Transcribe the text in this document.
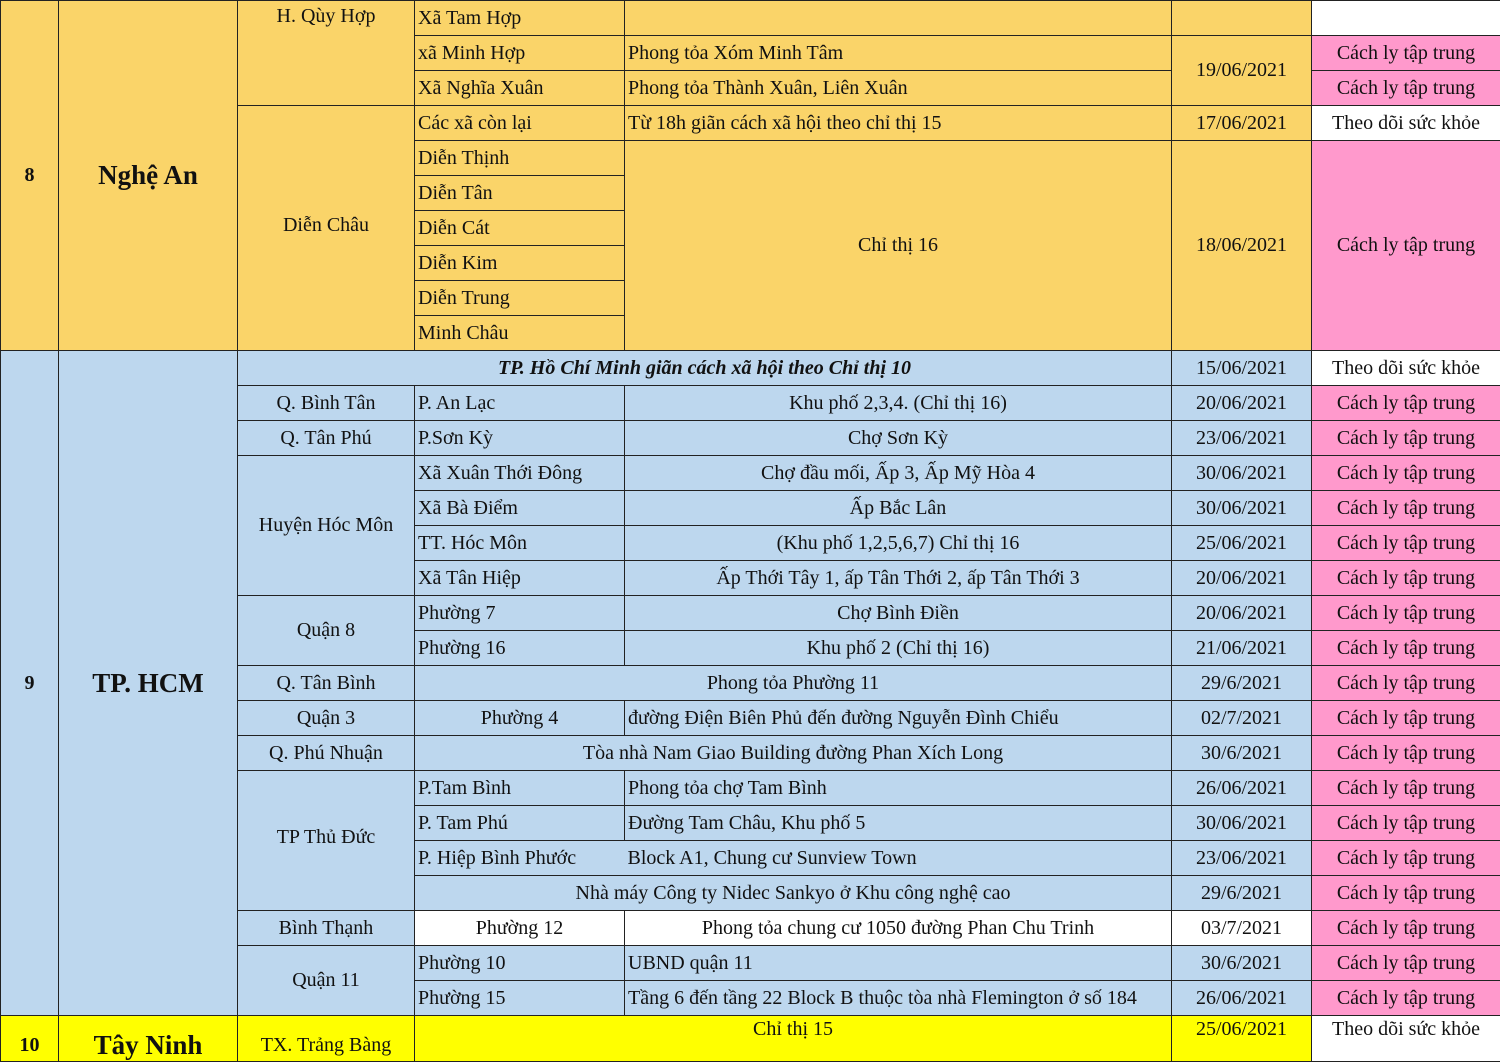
8	Nghệ An	H. Qùy Hợp	Xã Tam Hợp			
			xã Minh Hợp	Phong tỏa Xóm Minh Tâm	19/06/2021	Cách ly tập trung
			Xã Nghĩa Xuân	Phong tỏa Thành Xuân, Liên Xuân		Cách ly tập trung
		Diễn Châu	Các xã còn lại	Từ 18h giãn cách xã hội theo chỉ thị 15	17/06/2021	Theo dõi sức khỏe
			Diễn Thịnh	Chỉ thị 16	18/06/2021	Cách ly tập trung
			Diễn Tân			
			Diễn Cát			
			Diễn Kim			
			Diễn Trung			
			Minh Châu			
9	TP. HCM	TP. Hồ Chí Minh giãn cách xã hội theo Chỉ thị 10			15/06/2021	Theo dõi sức khỏe
		Q. Bình Tân	P. An Lạc	Khu phố 2,3,4. (Chỉ thị 16)	20/06/2021	Cách ly tập trung
		Q. Tân Phú	P.Sơn Kỳ	Chợ Sơn Kỳ	23/06/2021	Cách ly tập trung
		Huyện Hóc Môn	Xã Xuân Thới Đông	Chợ đầu mối, Ấp 3, Ấp Mỹ Hòa 4	30/06/2021	Cách ly tập trung
			Xã Bà Điểm	Ấp Bắc Lân	30/06/2021	Cách ly tập trung
			TT. Hóc Môn	(Khu phố 1,2,5,6,7) Chỉ thị 16	25/06/2021	Cách ly tập trung
			Xã Tân Hiệp	Ấp Thới Tây 1, ấp Tân Thới 2, ấp Tân Thới 3	20/06/2021	Cách ly tập trung
		Quận 8	Phường 7	Chợ Bình Điền	20/06/2021	Cách ly tập trung
			Phường 16	Khu phố 2 (Chỉ thị 16)	21/06/2021	Cách ly tập trung
		Q. Tân Bình	Phong tỏa Phường 11		29/6/2021	Cách ly tập trung
		Quận 3	Phường 4	đường Điện Biên Phủ đến đường Nguyễn Đình Chiểu	02/7/2021	Cách ly tập trung
		Q. Phú Nhuận	Tòa nhà Nam Giao Building đường Phan Xích Long		30/6/2021	Cách ly tập trung
		TP Thủ Đức	P.Tam Bình	Phong tỏa chợ Tam Bình	26/06/2021	Cách ly tập trung
			P. Tam Phú	Đường Tam Châu, Khu phố 5	30/06/2021	Cách ly tập trung
			P. Hiệp Bình Phước	Block A1, Chung cư Sunview Town	23/06/2021	Cách ly tập trung
			Nhà máy Công ty Nidec Sankyo ở Khu công nghệ cao		29/6/2021	Cách ly tập trung
		Bình Thạnh	Phường 12	Phong tỏa chung cư 1050 đường Phan Chu Trinh	03/7/2021	Cách ly tập trung
		Quận 11	Phường 10	UBND quận 11	30/6/2021	Cách ly tập trung
			Phường 15	Tầng 6 đến tầng 22 Block B thuộc tòa nhà Flemington ở số 184	26/06/2021	Cách ly tập trung
10	Tây Ninh	TX. Trảng Bàng	Chỉ thị 15		25/06/2021	Theo dõi sức khỏe
